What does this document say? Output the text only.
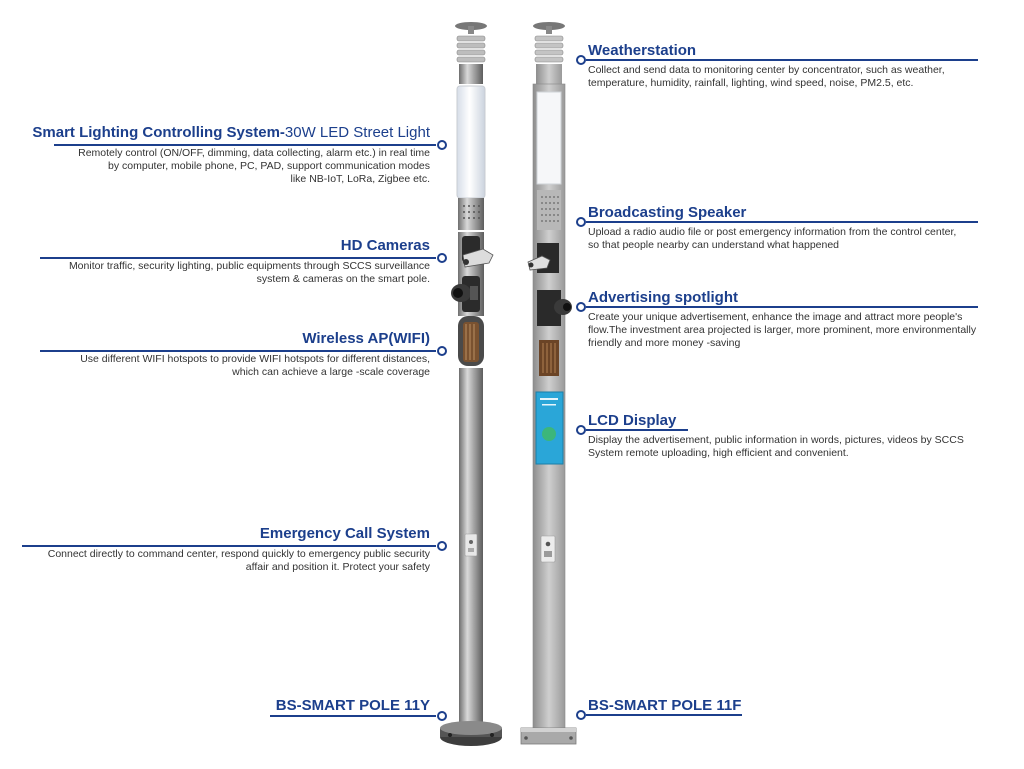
Smart Lighting Controlling System-30W LED Street Light
Remotely control (ON/OFF, dimming, data collecting, alarm etc.) in real time
by computer, mobile phone, PC, PAD, support communication modes
like NB-IoT, LoRa, Zigbee etc.
HD Cameras
Monitor traffic, security lighting, public equipments through SCCS surveillance
system & cameras on the smart pole.
Wireless AP(WIFI)
Use different WIFI hotspots to provide WIFI hotspots for different distances,
which can achieve a large -scale coverage
Emergency Call System
Connect directly to command center, respond quickly to emergency public security
affair and position it. Protect your safety
BS-SMART POLE 11Y
Weatherstation
Collect and send data to monitoring center by concentrator, such as weather,
temperature, humidity, rainfall, lighting, wind speed, noise, PM2.5, etc.
Broadcasting Speaker
Upload a radio audio file or post emergency information from the control center,
so that people nearby can understand what happened
Advertising spotlight
Create your unique advertisement, enhance the image and attract more people's
flow.The investment area projected is larger, more prominent, more environmentally
friendly and more money -saving
LCD Display
Display the advertisement, public information in words, pictures, videos by SCCS
System remote uploading, high efficient and convenient.
BS-SMART POLE 11F
